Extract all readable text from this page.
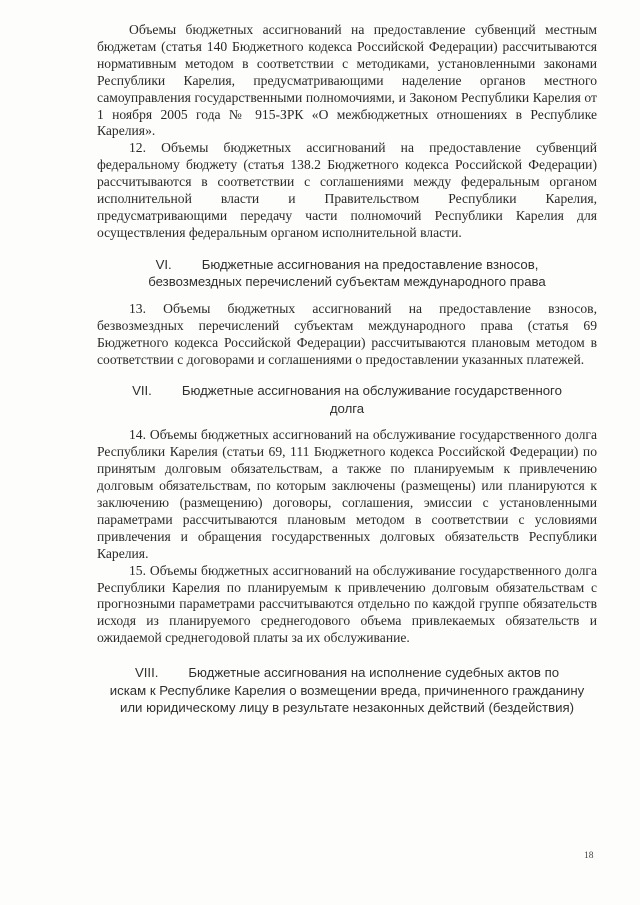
Объемы бюджетных ассигнований на предоставление субвенций местным бюджетам (статья 140 Бюджетного кодекса Российской Федерации) рассчитываются нормативным методом в соответствии с методиками, установленными законами Республики Карелия, предусматривающими наделение органов местного самоуправления государственными полномочиями, и Законом Республики Карелия от 1 ноября 2005 года № 915-ЗРК «О межбюджетных отношениях в Республике Карелия».

12. Объемы бюджетных ассигнований на предоставление субвенций федеральному бюджету (статья 138.2 Бюджетного кодекса Российской Федерации) рассчитываются в соответствии с соглашениями между федеральным органом исполнительной власти и Правительством Республики Карелия, предусматривающими передачу части полномочий Республики Карелия для осуществления федеральным органом исполнительной власти.

VI. Бюджетные ассигнования на предоставление взносов,
безвозмездных перечислений субъектам международного права

13. Объемы бюджетных ассигнований на предоставление взносов, безвозмездных перечислений субъектам международного права (статья 69 Бюджетного кодекса Российской Федерации) рассчитываются плановым методом в соответствии с договорами и соглашениями о предоставлении указанных платежей.

VII. Бюджетные ассигнования на обслуживание государственного
долга

14. Объемы бюджетных ассигнований на обслуживание государственного долга Республики Карелия (статьи 69, 111 Бюджетного кодекса Российской Федерации) по принятым долговым обязательствам, а также по планируемым к привлечению долговым обязательствам, по которым заключены (размещены) или планируются к заключению (размещению) договоры, соглашения, эмиссии с установленными параметрами рассчитываются плановым методом в соответствии с условиями привлечения и обращения государственных долговых обязательств Республики Карелия.

15. Объемы бюджетных ассигнований на обслуживание государственного долга Республики Карелия по планируемым к привлечению долговым обязательствам с прогнозными параметрами рассчитываются отдельно по каждой группе обязательств исходя из планируемого среднегодового объема привлекаемых обязательств и ожидаемой среднегодовой платы за их обслуживание.

VIII. Бюджетные ассигнования на исполнение судебных актов по
искам к Республике Карелия о возмещении вреда, причиненного гражданину
или юридическому лицу в результате незаконных действий (бездействия)
18
